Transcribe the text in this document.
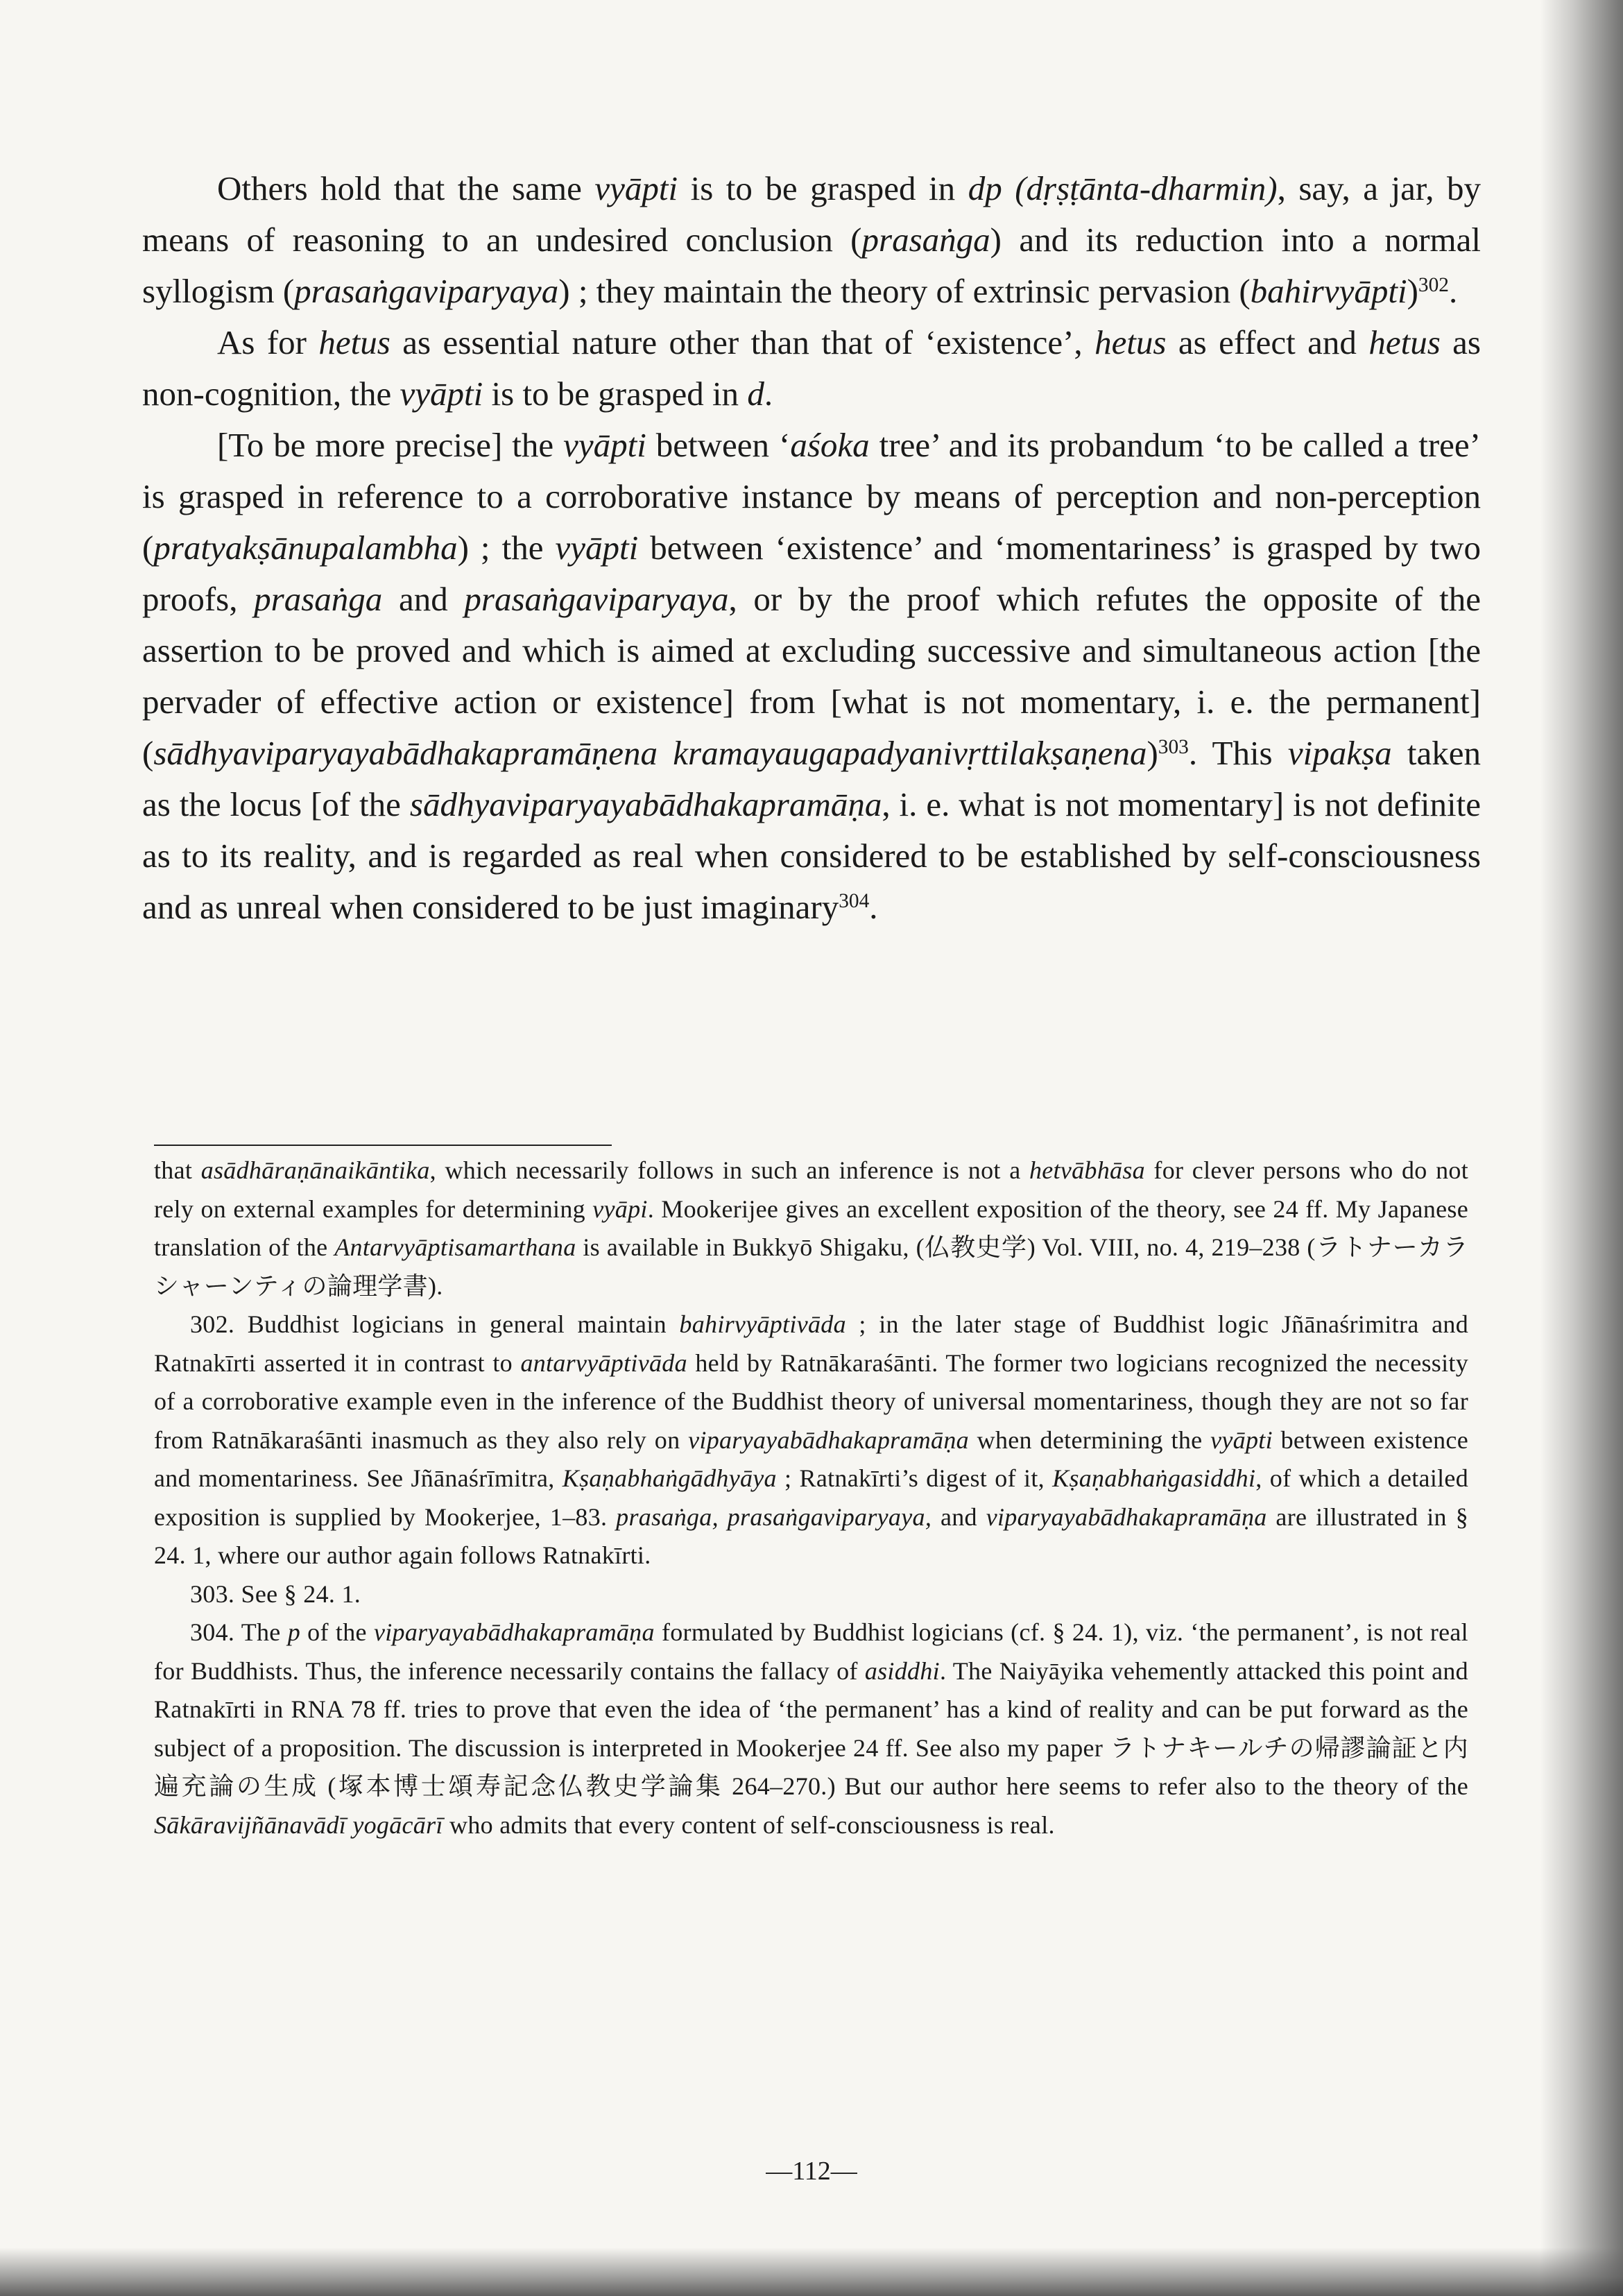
Others hold that the same vyāpti is to be grasped in dp (dṛṣṭānta-dharmin), say, a jar, by means of reasoning to an undesired conclusion (prasaṅga) and its reduction into a normal syllogism (prasaṅgaviparyaya) ; they maintain the theory of extrinsic pervasion (bahirvyāpti)$^{302}$.

As for hetus as essential nature other than that of ‘existence’, hetus as effect and hetus as non-cognition, the vyāpti is to be grasped in d.

[To be more precise] the vyāpti between ‘aśoka tree’ and its probandum ‘to be called a tree’ is grasped in reference to a corroborative instance by means of perception and non-perception (pratyakṣānupalambha) ; the vyāpti between ‘existence’ and ‘momentariness’ is grasped by two proofs, prasaṅga and prasaṅgaviparyaya, or by the proof which refutes the opposite of the assertion to be proved and which is aimed at excluding successive and simultaneous action [the pervader of effective action or existence] from [what is not momentary, i. e. the permanent] (sādhyaviparyayabādhakapramāṇena kramayaugapadyanivṛttilakṣaṇena)$^{303}$. This vipakṣa taken as the locus [of the sādhyaviparyayabādhakapramāṇa, i. e. what is not momentary] is not definite as to its reality, and is regarded as real when considered to be established by self-consciousness and as unreal when considered to be just imaginary$^{304}$.

that asādhāraṇānaikāntika, which necessarily follows in such an inference is not a hetvābhāsa for clever persons who do not rely on external examples for determining vyāpi. Mookerijee gives an excellent exposition of the theory, see 24 ff. My Japanese translation of the Antarvyāptisamarthana is available in Bukkyō Shigaku, (仏教史学) Vol. VIII, no. 4, 219–238 (ラトナーカラシャーンティの論理学書).

302. Buddhist logicians in general maintain bahirvyāptivāda ; in the later stage of Buddhist logic Jñānaśrimitra and Ratnakīrti asserted it in contrast to antarvyāptivāda held by Ratnākaraśānti. The former two logicians recognized the necessity of a corroborative example even in the inference of the Buddhist theory of universal momentariness, though they are not so far from Ratnākaraśānti inasmuch as they also rely on viparyayabādhakapramāṇa when determining the vyāpti between existence and momentariness. See Jñānaśrīmitra, Kṣaṇabhaṅgādhyāya ; Ratnakīrti’s digest of it, Kṣaṇabhaṅgasiddhi, of which a detailed exposition is supplied by Mookerjee, 1–83. prasaṅga, prasaṅgaviparyaya, and viparyayabādhakapramāṇa are illustrated in § 24. 1, where our author again follows Ratnakīrti.

303. See § 24. 1.

304. The p of the viparyayabādhakapramāṇa formulated by Buddhist logicians (cf. § 24. 1), viz. ‘the permanent’, is not real for Buddhists. Thus, the inference necessarily contains the fallacy of asiddhi. The Naiyāyika vehemently attacked this point and Ratnakīrti in RNA 78 ff. tries to prove that even the idea of ‘the permanent’ has a kind of reality and can be put forward as the subject of a proposition. The discussion is interpreted in Mookerjee 24 ff. See also my paper ラトナキールチの帰謬論証と内遍充論の生成 (塚本博士頌寿記念仏教史学論集 264–270.) But our author here seems to refer also to the theory of the Sākāravijñānavādī yogācārī who admits that every content of self-consciousness is real.

—112—
